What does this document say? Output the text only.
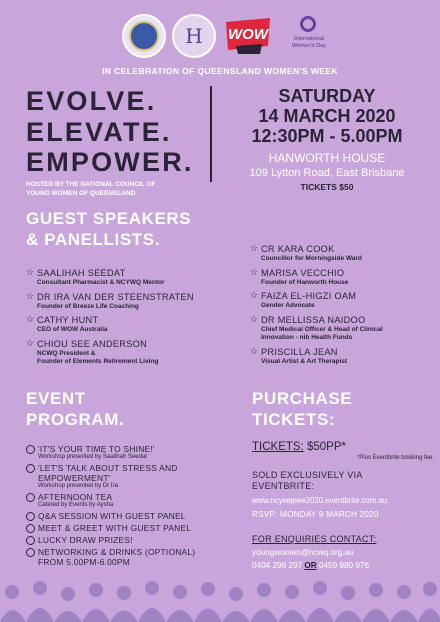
H WOW	International
Women's Day
IN CELEBRATION OF QUEENSLAND WOMEN'S WEEK
EVOLVE.
ELEVATE.
EMPOWER.
HOSTED BY THE NATIONAL COUNCIL OF
YOUNG WOMEN OF QUEENSLAND
SATURDAY
14 MARCH 2020
12:30PM - 5.00PM
HANWORTH HOUSE
109 Lytton Road, East Brisbane
TICKETS $50
GUEST SPEAKERS
& PANELLISTS.
☆ SAALIHAH SEEDAT
Consultant Pharmacist & NCYWQ Mentor
☆ DR IRA VAN DER STEENSTRATEN
Founder of Breeze Life Coaching
☆ CATHY HUNT
CEO of WOW Australia
☆ CHIOU SEE ANDERSON
NCWQ President &
Founder of Elements Retirement Living
☆ CR KARA COOK
Councillor for Morningside Ward
☆ MARISA VECCHIO
Founder of Hanworth House
☆ FAIZA EL-HIGZI OAM
Gender Advocate
☆ DR MELLISSA NAIDOO
Chief Medical Officer & Head of Clinical
Innovation - nib Health Funds
☆ PRISCILLA JEAN
Visual Artist & Art Therapist
EVENT
PROGRAM.
'IT'S YOUR TIME TO SHINE!'
Workshop presented by Saalihah Seedat
'LET'S TALK ABOUT STRESS AND
EMPOWERMENT'
Workshop presented by Dr Ira
AFTERNOON TEA
Catered by Events by Aysha
Q&A SESSION WITH GUEST PANEL
MEET & GREET WITH GUEST PANEL
LUCKY DRAW PRIZES!
NETWORKING & DRINKS (OPTIONAL)
FROM 5.00PM-6.00PM
PURCHASE
TICKETS:
TICKETS: $50PP*
*Plus Eventbrite booking fee.
SOLD EXCLUSIVELY VIA
EVENTBRITE:
www.ncywqeee2020.eventbrite.com.au
RSVP: MONDAY 9 MARCH 2020
FOR ENQUIRIES CONTACT:
youngwomen@ncwq.org.au
0404 296 297 OR 0459 980 976
